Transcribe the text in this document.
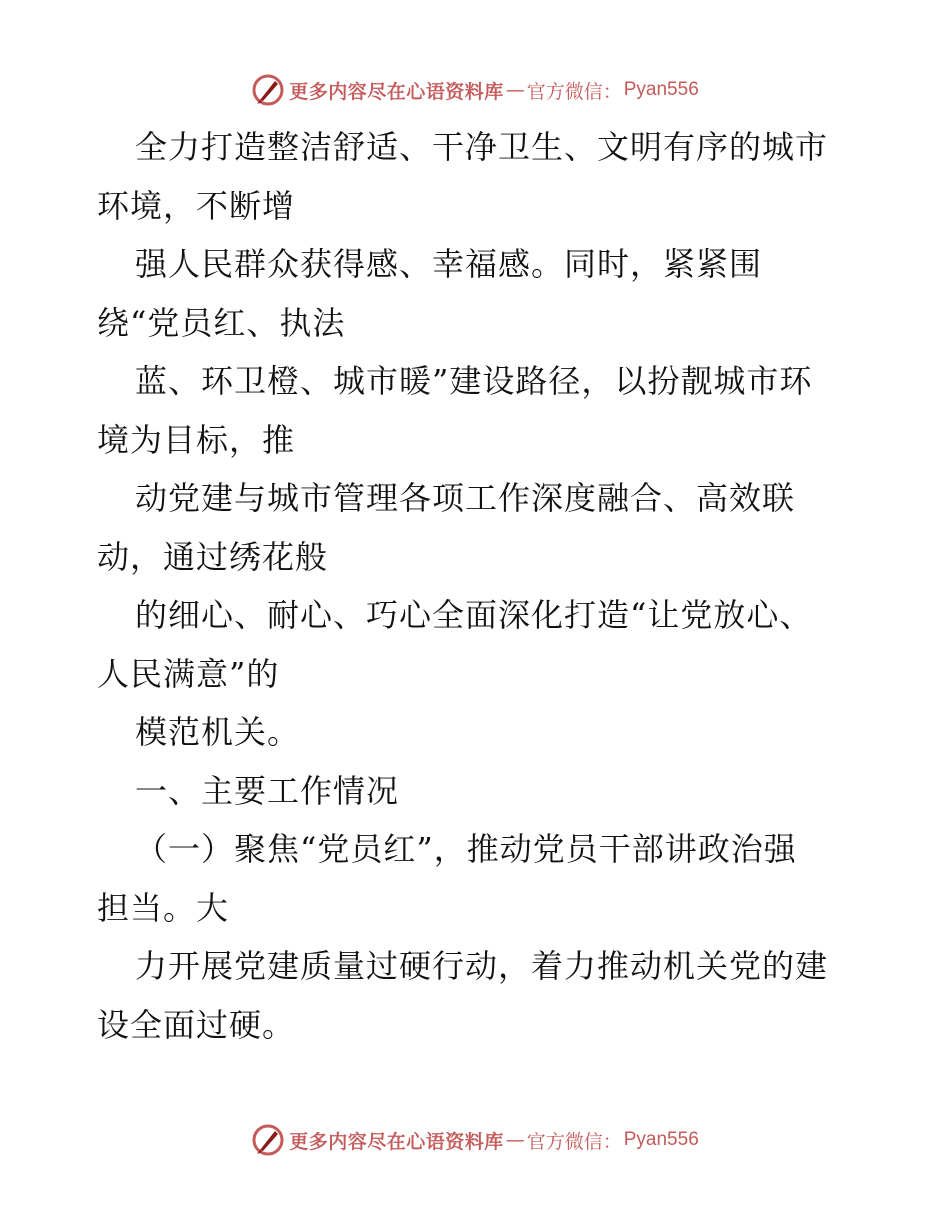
更多内容尽在心语资料库 — 官方微信： Pyan556
全力打造整洁舒适、干净卫生、文明有序的城市
环境，不断增
强人民群众获得感、幸福感。同时，紧紧围
绕“党员红、执法
蓝、环卫橙、城市暖”建设路径，以扮靓城市环
境为目标，推
动党建与城市管理各项工作深度融合、高效联
动，通过绣花般
的细心、耐心、巧心全面深化打造“让党放心、
人民满意”的
模范机关。
一、主要工作情况
（一）聚焦“党员红”，推动党员干部讲政治强
担当。大
力开展党建质量过硬行动，着力推动机关党的建
设全面过硬。
更多内容尽在心语资料库 — 官方微信： Pyan556
